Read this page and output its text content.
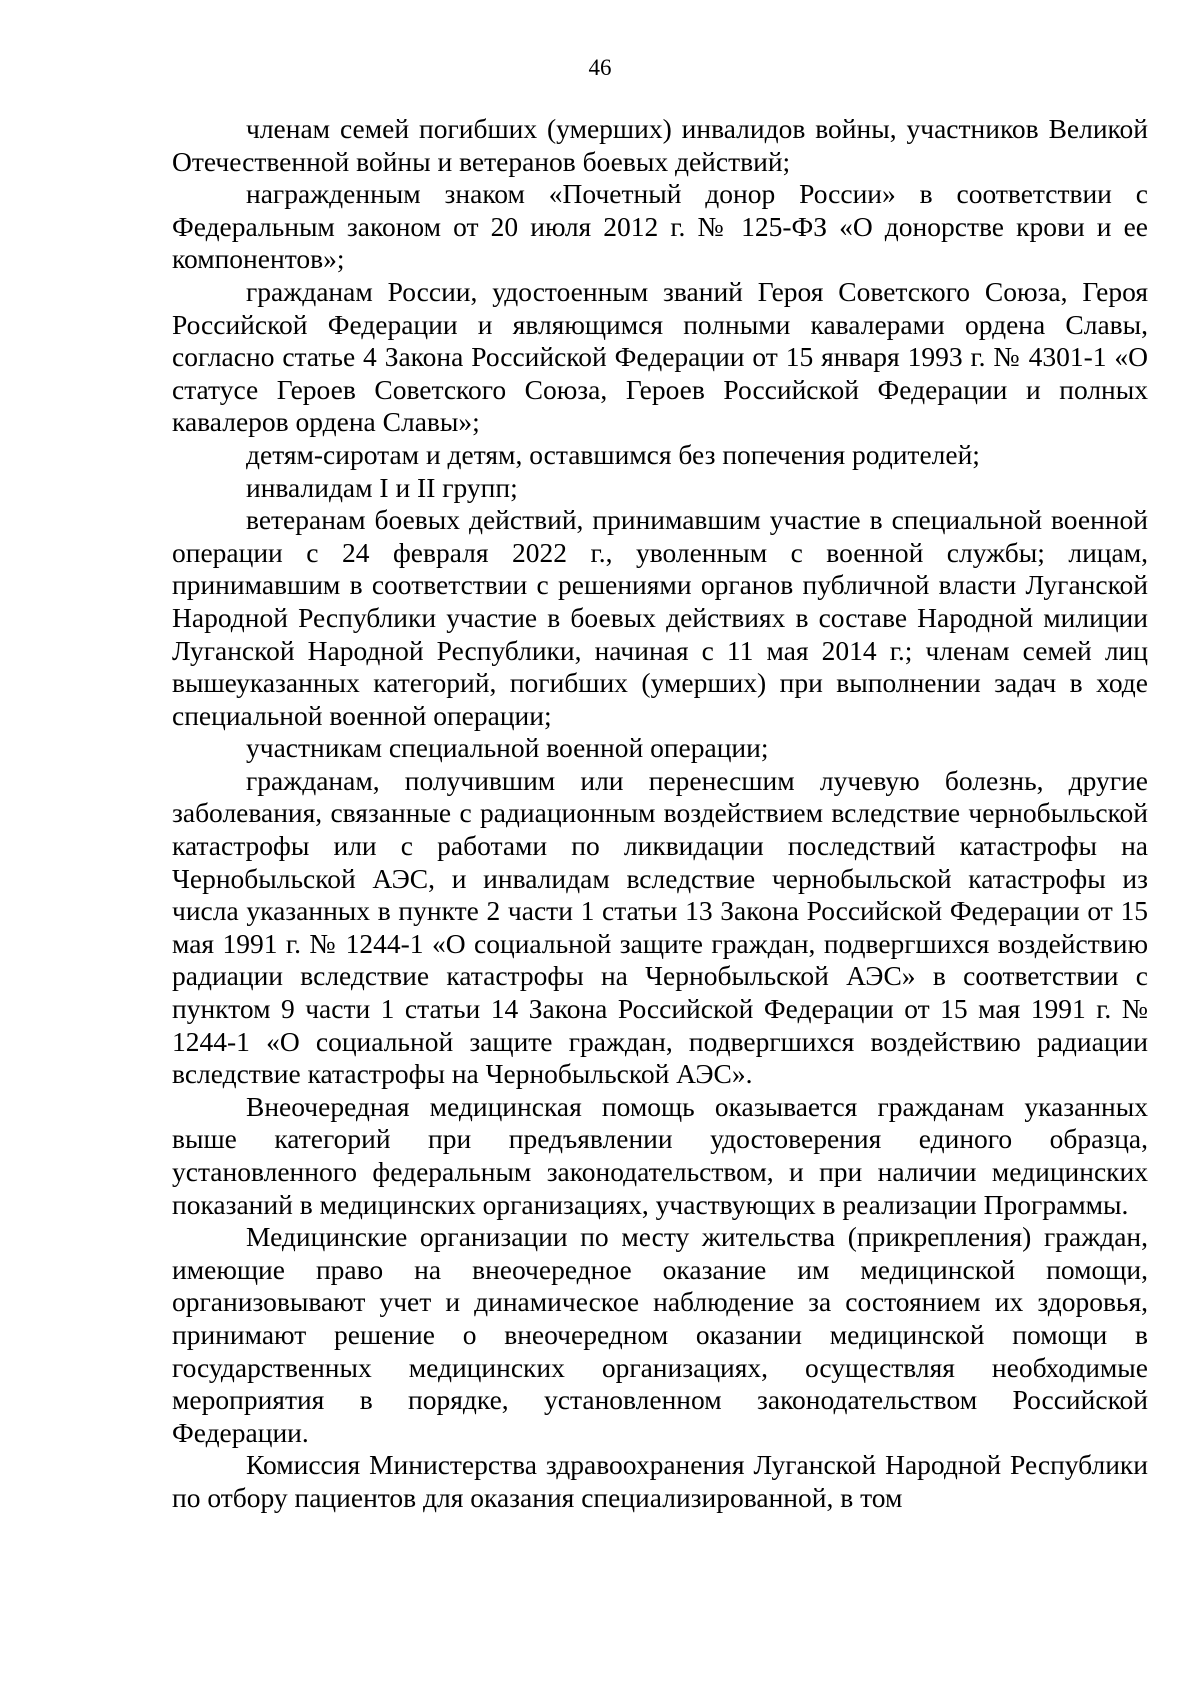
46

членам семей погибших (умерших) инвалидов войны, участников Великой Отечественной войны и ветеранов боевых действий;

награжденным знаком «Почетный донор России» в соответствии с Федеральным законом от 20 июля 2012 г. № 125-ФЗ «О донорстве крови и ее компонентов»;

гражданам России, удостоенным званий Героя Советского Союза, Героя Российской Федерации и являющимся полными кавалерами ордена Славы, согласно статье 4 Закона Российской Федерации от 15 января 1993 г. № 4301-1 «О статусе Героев Советского Союза, Героев Российской Федерации и полных кавалеров ордена Славы»;

детям-сиротам и детям, оставшимся без попечения родителей;

инвалидам I и II групп;

ветеранам боевых действий, принимавшим участие в специальной военной операции с 24 февраля 2022 г., уволенным с военной службы; лицам, принимавшим в соответствии с решениями органов публичной власти Луганской Народной Республики участие в боевых действиях в составе Народной милиции Луганской Народной Республики, начиная с 11 мая 2014 г.; членам семей лиц вышеуказанных категорий, погибших (умерших) при выполнении задач в ходе специальной военной операции;

участникам специальной военной операции;

гражданам, получившим или перенесшим лучевую болезнь, другие заболевания, связанные с радиационным воздействием вследствие чернобыльской катастрофы или с работами по ликвидации последствий катастрофы на Чернобыльской АЭС, и инвалидам вследствие чернобыльской катастрофы из числа указанных в пункте 2 части 1 статьи 13 Закона Российской Федерации от 15 мая 1991 г. № 1244-1 «О социальной защите граждан, подвергшихся воздействию радиации вследствие катастрофы на Чернобыльской АЭС» в соответствии с пунктом 9 части 1 статьи 14 Закона Российской Федерации от 15 мая 1991 г. № 1244-1 «О социальной защите граждан, подвергшихся воздействию радиации вследствие катастрофы на Чернобыльской АЭС».

Внеочередная медицинская помощь оказывается гражданам указанных выше категорий при предъявлении удостоверения единого образца, установленного федеральным законодательством, и при наличии медицинских показаний в медицинских организациях, участвующих в реализации Программы.

Медицинские организации по месту жительства (прикрепления) граждан, имеющие право на внеочередное оказание им медицинской помощи, организовывают учет и динамическое наблюдение за состоянием их здоровья, принимают решение о внеочередном оказании медицинской помощи в государственных медицинских организациях, осуществляя необходимые мероприятия в порядке, установленном законодательством Российской Федерации.

Комиссия Министерства здравоохранения Луганской Народной Республики по отбору пациентов для оказания специализированной, в том
